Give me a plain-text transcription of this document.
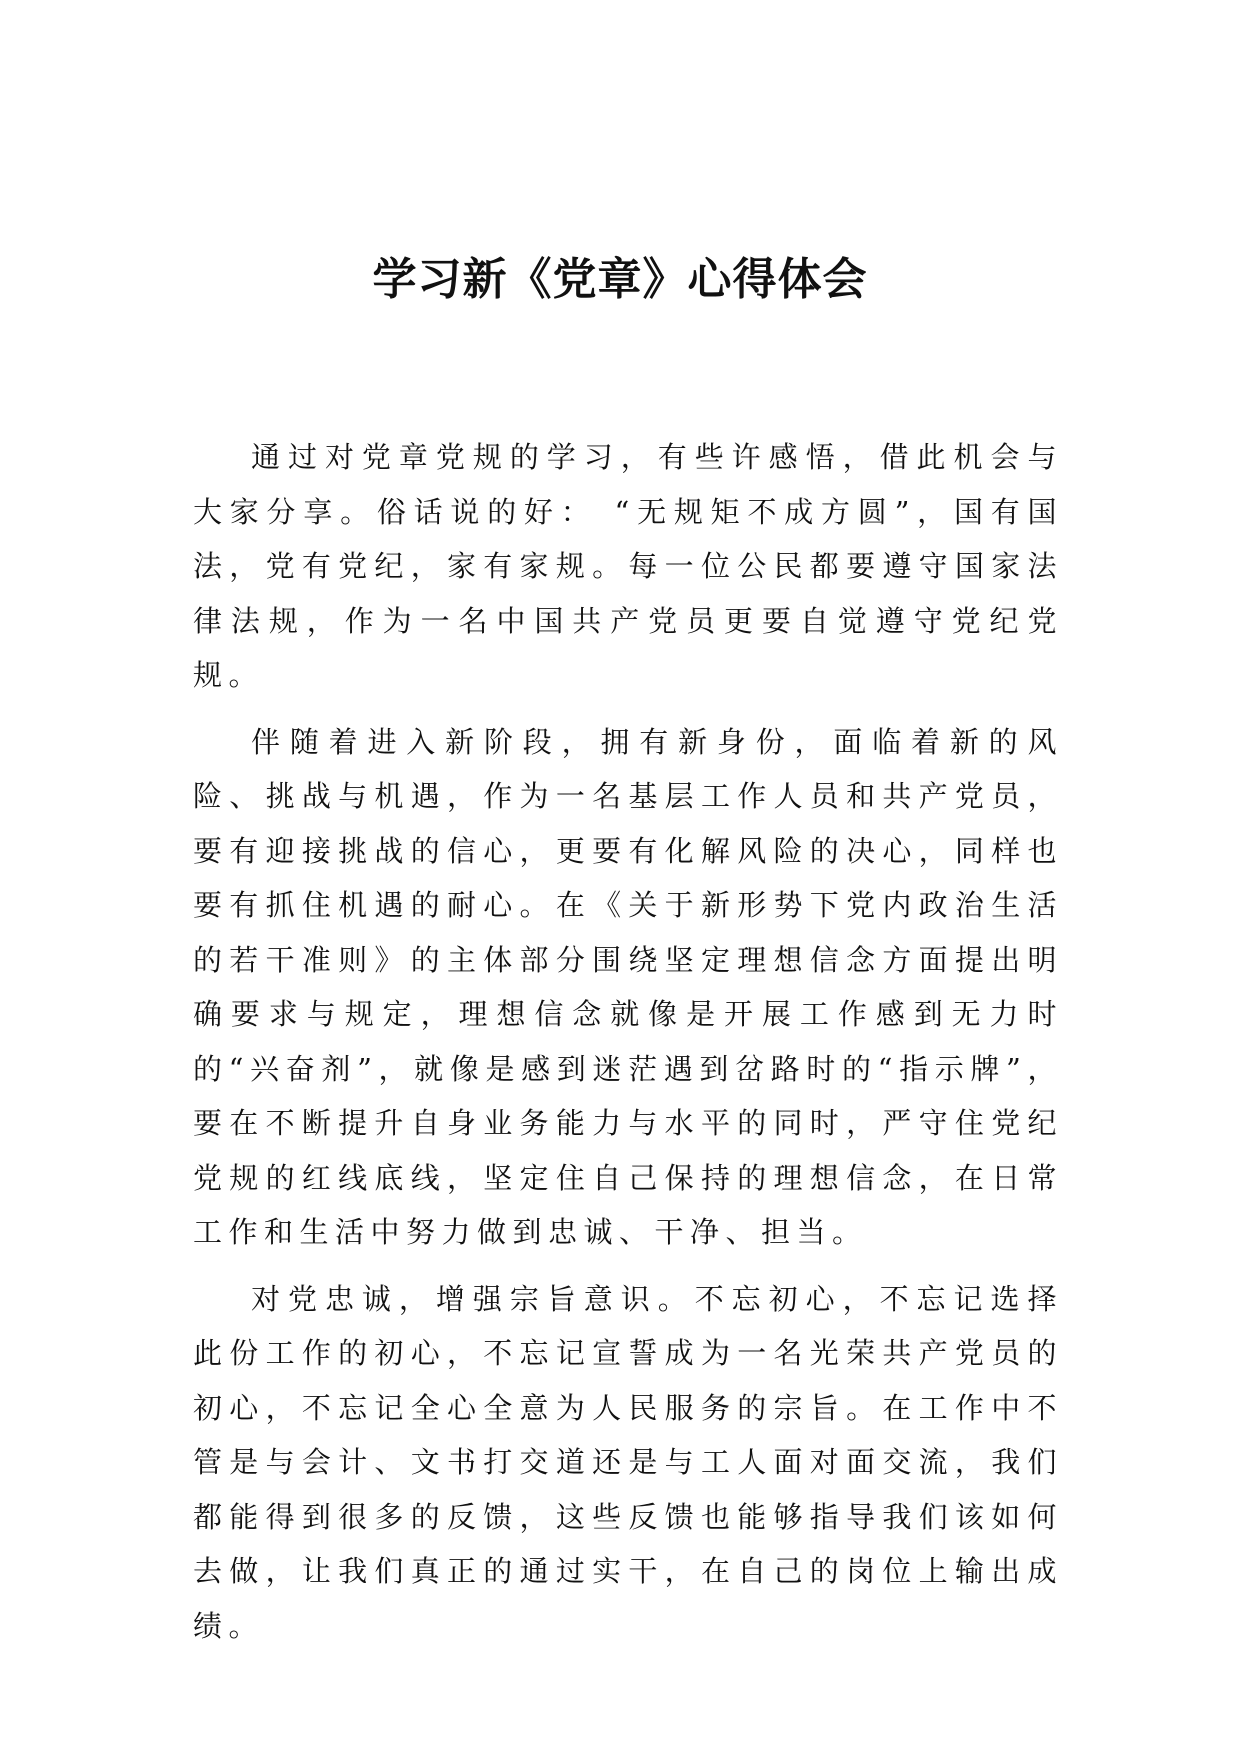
学习新《党章》心得体会

通过对党章党规的学习，有些许感悟，借此机会与大家分享。俗话说的好： “无规矩不成方圆”，国有国法，党有党纪，家有家规。每一位公民都要遵守国家法律法规，作为一名中国共产党员更要自觉遵守党纪党规。

伴随着进入新阶段，拥有新身份，面临着新的风险、挑战与机遇，作为一名基层工作人员和共产党员，要有迎接挑战的信心，更要有化解风险的决心，同样也要有抓住机遇的耐心。在《关于新形势下党内政治生活的若干准则》的主体部分围绕坚定理想信念方面提出明确要求与规定，理想信念就像是开展工作感到无力时的“兴奋剂”，就像是感到迷茫遇到岔路时的“指示牌”，要在不断提升自身业务能力与水平的同时，严守住党纪党规的红线底线，坚定住自己保持的理想信念，在日常工作和生活中努力做到忠诚、干净、担当。

对党忠诚，增强宗旨意识。不忘初心，不忘记选择此份工作的初心，不忘记宣誓成为一名光荣共产党员的初心，不忘记全心全意为人民服务的宗旨。在工作中不管是与会计、文书打交道还是与工人面对面交流，我们都能得到很多的反馈，这些反馈也能够指导我们该如何去做，让我们真正的通过实干，在自己的岗位上输出成绩。
